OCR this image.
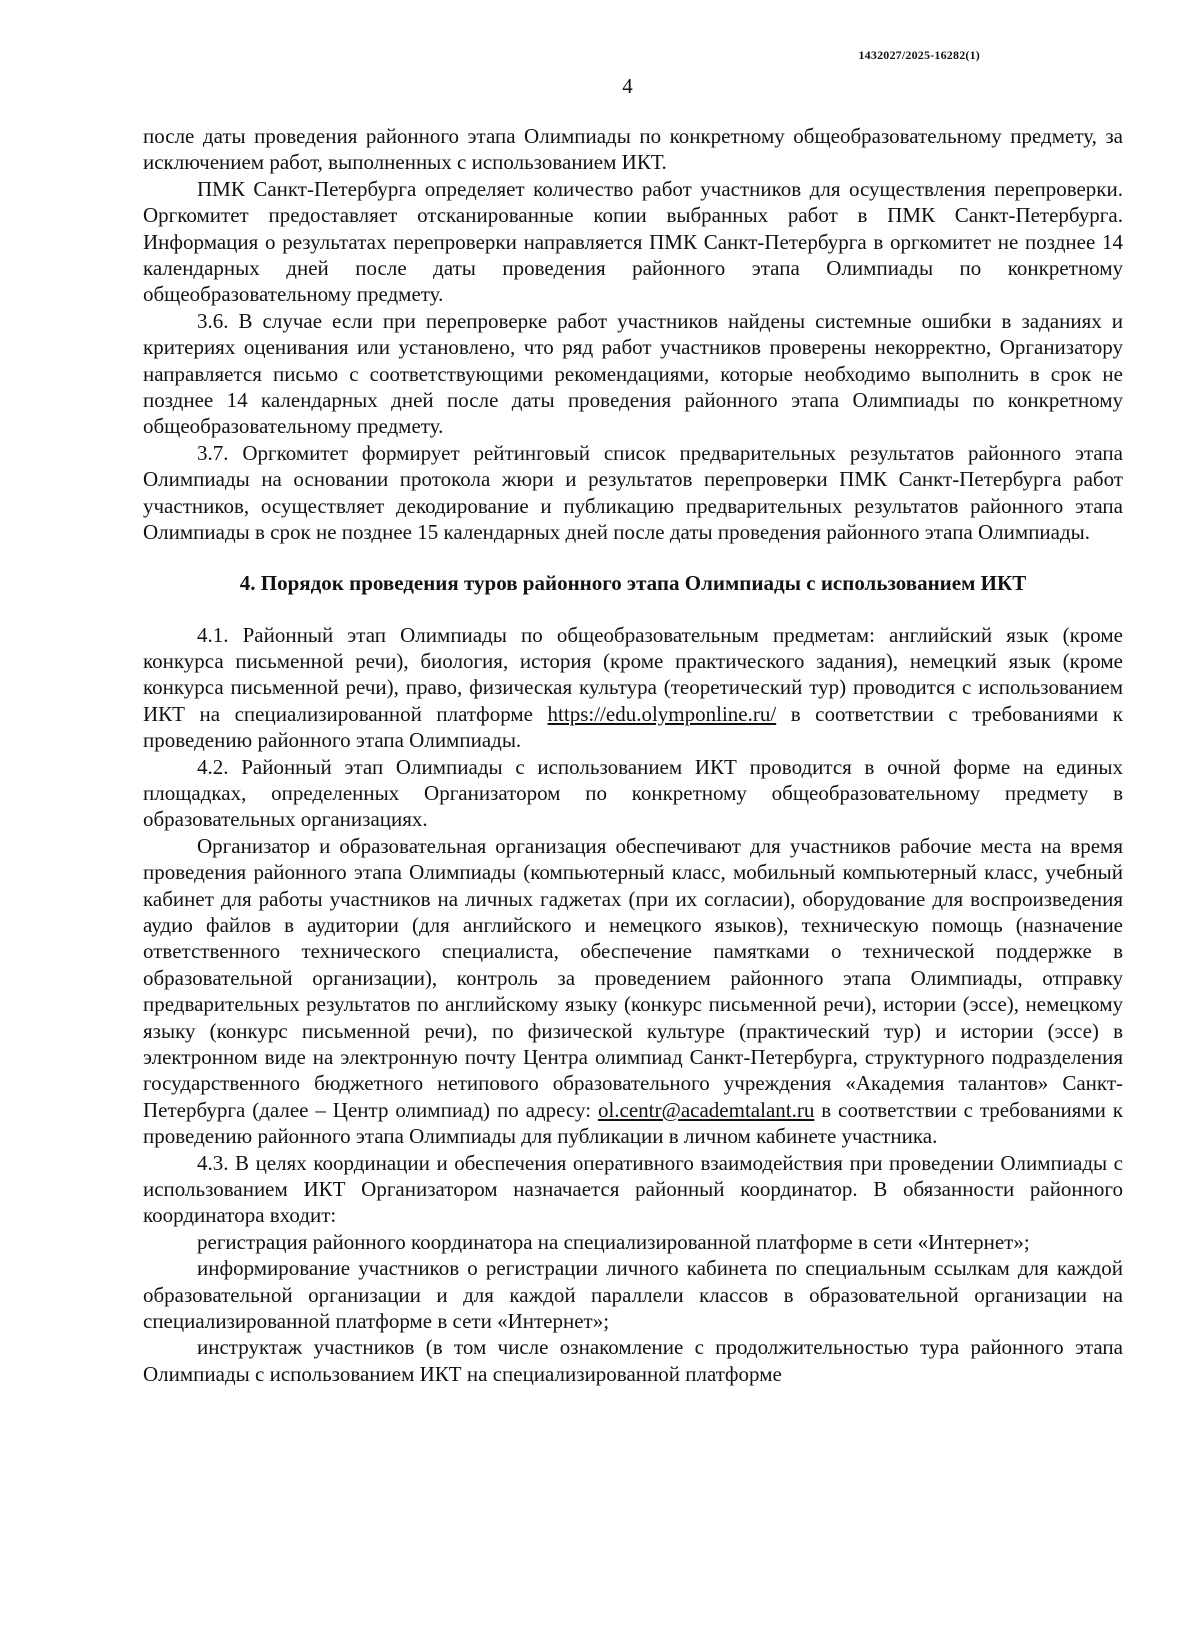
1432027/2025-16282(1)
4

после даты проведения районного этапа Олимпиады по конкретному общеобразовательному предмету, за исключением работ, выполненных с использованием ИКТ.

ПМК Санкт-Петербурга определяет количество работ участников для осуществления перепроверки. Оргкомитет предоставляет отсканированные копии выбранных работ в ПМК Санкт-Петербурга. Информация о результатах перепроверки направляется ПМК Санкт-Петербурга в оргкомитет не позднее 14 календарных дней после даты проведения районного этапа Олимпиады по конкретному общеобразовательному предмету.

3.6. В случае если при перепроверке работ участников найдены системные ошибки в заданиях и критериях оценивания или установлено, что ряд работ участников проверены некорректно, Организатору направляется письмо с соответствующими рекомендациями, которые необходимо выполнить в срок не позднее 14 календарных дней после даты проведения районного этапа Олимпиады по конкретному общеобразовательному предмету.

3.7. Оргкомитет формирует рейтинговый список предварительных результатов районного этапа Олимпиады на основании протокола жюри и результатов перепроверки ПМК Санкт-Петербурга работ участников, осуществляет декодирование и публикацию предварительных результатов районного этапа Олимпиады в срок не позднее 15 календарных дней после даты проведения районного этапа Олимпиады.

4. Порядок проведения туров районного этапа Олимпиады с использованием ИКТ

4.1. Районный этап Олимпиады по общеобразовательным предметам: английский язык (кроме конкурса письменной речи), биология, история (кроме практического задания), немецкий язык (кроме конкурса письменной речи), право, физическая культура (теоретический тур) проводится с использованием ИКТ на специализированной платформе https://edu.olymponline.ru/ в соответствии с требованиями к проведению районного этапа Олимпиады.

4.2. Районный этап Олимпиады с использованием ИКТ проводится в очной форме на единых площадках, определенных Организатором по конкретному общеобразовательному предмету в образовательных организациях.

Организатор и образовательная организация обеспечивают для участников рабочие места на время проведения районного этапа Олимпиады (компьютерный класс, мобильный компьютерный класс, учебный кабинет для работы участников на личных гаджетах (при их согласии), оборудование для воспроизведения аудио файлов в аудитории (для английского и немецкого языков), техническую помощь (назначение ответственного технического специалиста, обеспечение памятками о технической поддержке в образовательной организации), контроль за проведением районного этапа Олимпиады, отправку предварительных результатов по английскому языку (конкурс письменной речи), истории (эссе), немецкому языку (конкурс письменной речи), по физической культуре (практический тур) и истории (эссе) в электронном виде на электронную почту Центра олимпиад Санкт-Петербурга, структурного подразделения государственного бюджетного нетипового образовательного учреждения «Академия талантов» Санкт-Петербурга (далее – Центр олимпиад) по адресу: ol.centr@academtalant.ru в соответствии с требованиями к проведению районного этапа Олимпиады для публикации в личном кабинете участника.

4.3. В целях координации и обеспечения оперативного взаимодействия при проведении Олимпиады с использованием ИКТ Организатором назначается районный координатор. В обязанности районного координатора входит:

регистрация районного координатора на специализированной платформе в сети «Интернет»;

информирование участников о регистрации личного кабинета по специальным ссылкам для каждой образовательной организации и для каждой параллели классов в образовательной организации на специализированной платформе в сети «Интернет»;

инструктаж участников (в том числе ознакомление с продолжительностью тура районного этапа Олимпиады с использованием ИКТ на специализированной платформе
